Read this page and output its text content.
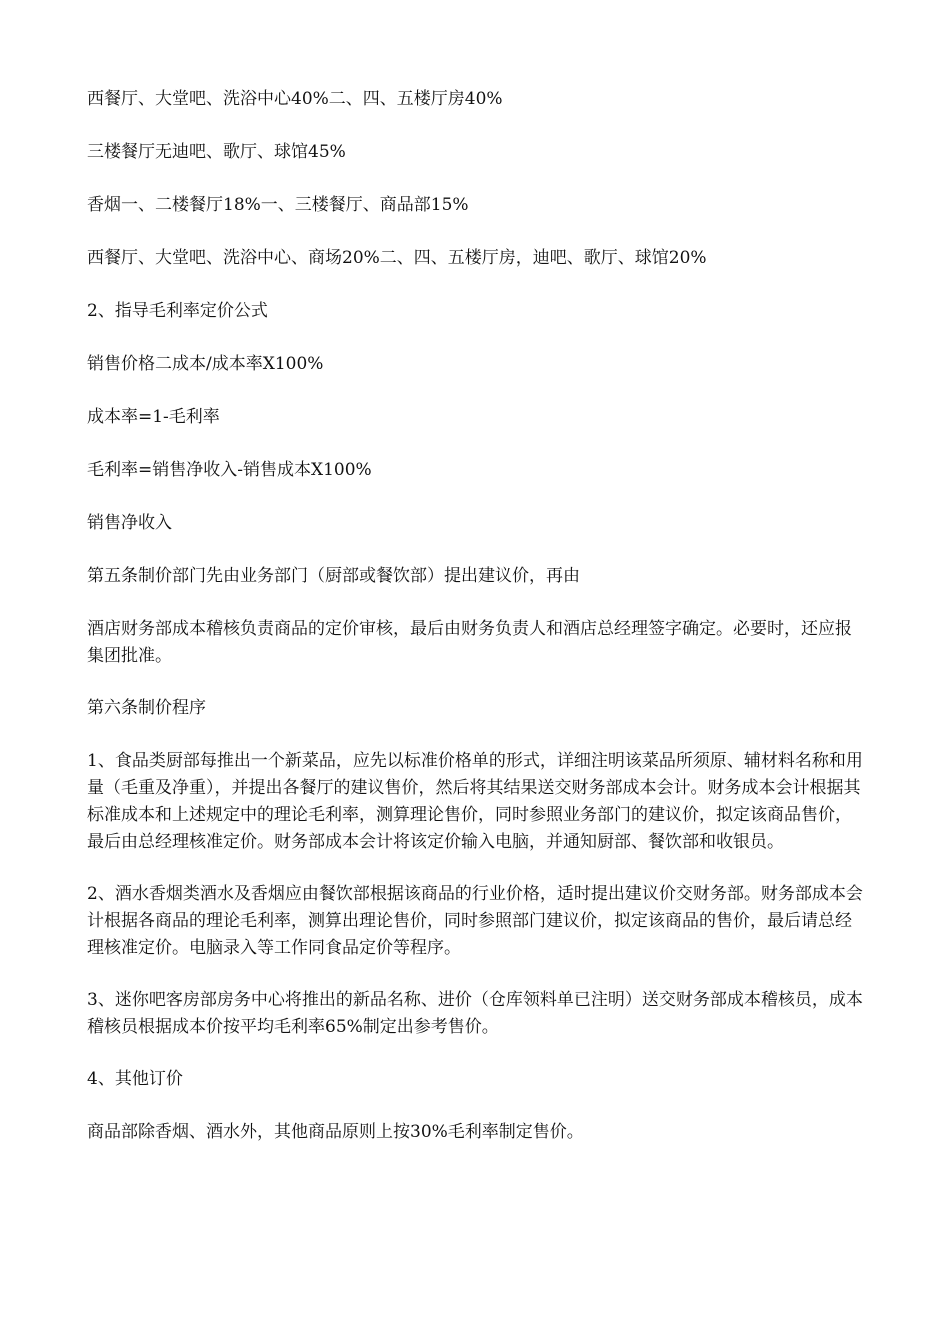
西餐厅、大堂吧、洗浴中心40%二、四、五楼厅房40%

三楼餐厅无迪吧、歌厅、球馆45%

香烟一、二楼餐厅18%一、三楼餐厅、商品部15%

西餐厅、大堂吧、洗浴中心、商场20%二、四、五楼厅房，迪吧、歌厅、球馆20%

2、指导毛利率定价公式

销售价格二成本/成本率X100%

成本率=1-毛利率

毛利率=销售净收入-销售成本X100%

销售净收入

第五条制价部门先由业务部门（厨部或餐饮部）提出建议价，再由

酒店财务部成本稽核负责商品的定价审核，最后由财务负责人和酒店总经理签字确定。必要时，还应报集团批准。

第六条制价程序

1、食品类厨部每推出一个新菜品，应先以标准价格单的形式，详细注明该菜品所须原、辅材料名称和用量（毛重及净重），并提出各餐厅的建议售价，然后将其结果送交财务部成本会计。财务成本会计根据其标准成本和上述规定中的理论毛利率，测算理论售价，同时参照业务部门的建议价，拟定该商品售价，最后由总经理核准定价。财务部成本会计将该定价输入电脑，并通知厨部、餐饮部和收银员。

2、酒水香烟类酒水及香烟应由餐饮部根据该商品的行业价格，适时提出建议价交财务部。财务部成本会计根据各商品的理论毛利率，测算出理论售价，同时参照部门建议价，拟定该商品的售价，最后请总经理核准定价。电脑录入等工作同食品定价等程序。

3、迷你吧客房部房务中心将推出的新品名称、进价（仓库领料单已注明）送交财务部成本稽核员，成本稽核员根据成本价按平均毛利率65%制定出参考售价。

4、其他订价

商品部除香烟、酒水外，其他商品原则上按30%毛利率制定售价。
